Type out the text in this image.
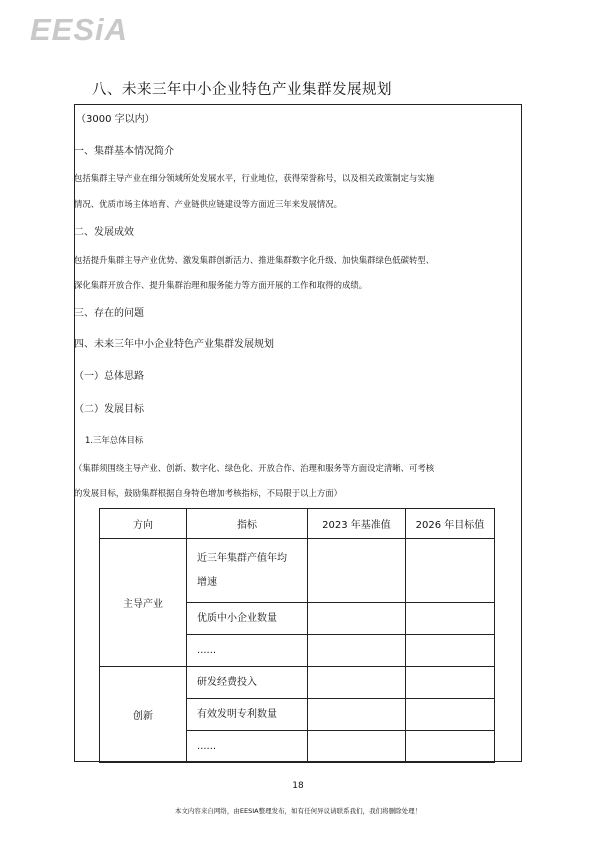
EESiA
八、未来三年中小企业特色产业集群发展规划
（3000 字以内）
一、集群基本情况简介
包括集群主导产业在细分领域所处发展水平，行业地位，获得荣誉称号，以及相关政策制定与实施
情况、优质市场主体培育、产业链供应链建设等方面近三年来发展情况。
二、发展成效
包括提升集群主导产业优势、激发集群创新活力、推进集群数字化升级、加快集群绿色低碳转型、
深化集群开放合作、提升集群治理和服务能力等方面开展的工作和取得的成绩。
三、存在的问题
四、未来三年中小企业特色产业集群发展规划
（一）总体思路
（二）发展目标
1.三年总体目标
（集群须围绕主导产业、创新、数字化、绿色化、开放合作、治理和服务等方面设定清晰、可考核
的发展目标，鼓励集群根据自身特色增加考核指标，不局限于以上方面）
方向	指标	2023 年基准值	2026 年目标值
主导产业	近三年集群产值年均
增速		

	优质中小企业数量		
	......		
创新	研发经费投入		
	有效发明专利数量		
	......		
18
本文内容来自网络，由EESIA整理发布，如有任何异议请联系我们，我们将删除处理！
